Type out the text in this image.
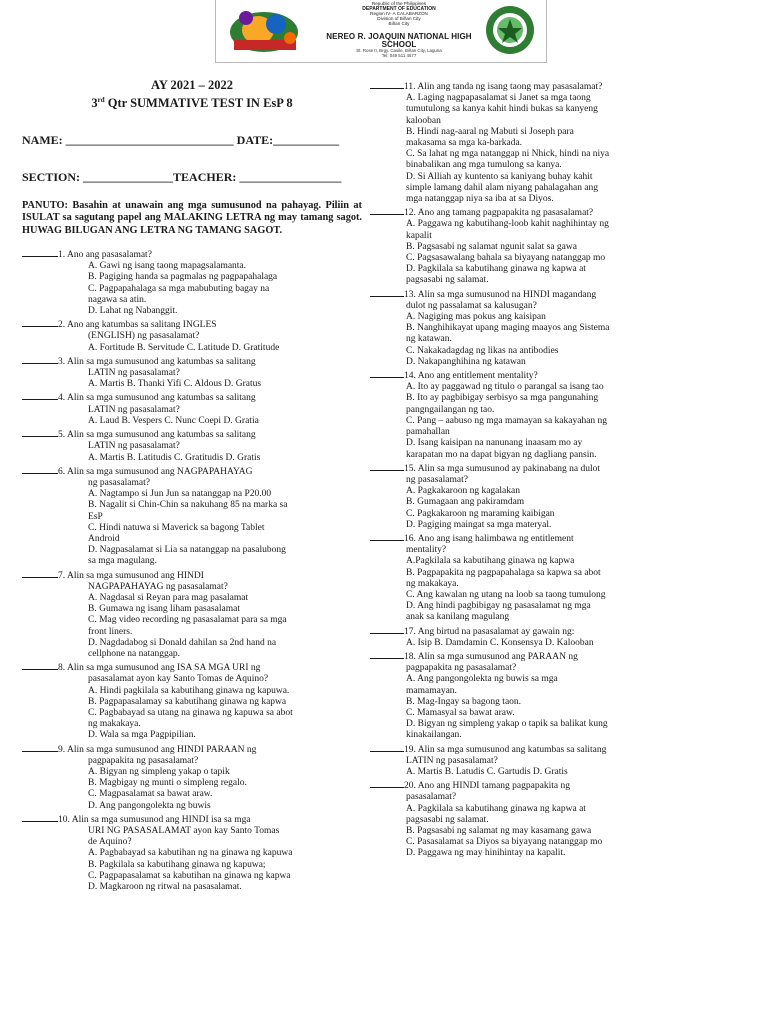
Republic of the Philippines
DEPARTMENT OF EDUCATION
Region IV- A CALABARZON
Division of Biñan City
Biñan City
NEREO R. JOAQUIN NATIONAL HIGH SCHOOL
St. Rose II, Brgy. Casile, Biñan City, Laguna
Tel: 049 511 4577
AY 2021 – 2022
3rd Qtr SUMMATIVE TEST IN EsP 8
NAME: ____________________________ DATE:___________
SECTION: _______________TEACHER: _________________
PANUTO: Basahin at unawain ang mga sumusunod na pahayag. Piliin at ISULAT sa sagutang papel ang MALAKING LETRA ng may tamang sagot. HUWAG BILUGAN ANG LETRA NG TAMANG SAGOT.
1. Ano ang pasasalamat?
A. Gawi ng isang taong mapagsalamanta.
B. Pagiging handa sa pagmalas ng pagpapahalaga
C. Pagpapahalaga sa mga mabubuting bagay na
nagawa sa atin.
D. Lahat ng Nabanggit.
2. Ano ang katumbas sa salitang INGLES
(ENGLISH) ng pasasalamat?
A. Fortitude B. Servitude C. Latitude D. Gratitude
3. Alin sa mga sumusunod ang katumbas sa salitang
LATIN ng pasasalamat?
A. Martis B. Thanki Yifi C. Aldous D. Gratus
4. Alin sa mga sumusunod ang katumbas sa salitang
LATIN ng pasasalamat?
A. Laud B. Vespers C. Nunc Coepi D. Gratia
5. Alin sa mga sumusunod ang katumbas sa salitang
LATIN ng pasasalamat?
A. Martis B. Latitudis C. Gratitudis D. Gratis
6. Alin sa mga sumusunod ang NAGPAPAHAYAG
ng pasasalamat?
A. Nagtampo si Jun Jun sa natanggap na P20.00
B. Nagalit si Chin-Chin sa nakuhang 85 na marka sa
EsP
C. Hindi natuwa si Maverick sa bagong Tablet
Android
D. Nagpasalamat si Lia sa natanggap na pasalubong
sa mga magulang.
7. Alin sa mga sumusunod ang HINDI
NAGPAPAHAYAG ng pasasalamat?
A. Nagdasal si Reyan para mag pasalamat
B. Gumawa ng isang liham pasasalamat
C. Mag video recording ng pasasalamat para sa mga
front liners.
D. Nagdadabog si Donald dahilan sa 2nd hand na
cellphone na natanggap.
8. Alin sa mga sumusunod ang ISA SA MGA URI ng
pasasalamat ayon kay Santo Tomas de Aquino?
A. Hindi pagkilala sa kabutihang ginawa ng kapuwa.
B. Pagpapasalamay sa kabutihang ginawa ng kapwa
C. Pagbabayad sa utang na ginawa ng kapuwa sa abot
ng makakaya.
D. Wala sa mga Pagpipilian.
9. Alin sa mga sumusunod ang HINDI PARAAN ng
pagpapakita ng pasasalamat?
A. Bigyan ng simpleng yakap o tapik
B. Magbigay ng munti o simpleng regalo.
C. Magpasalamat sa bawat araw.
D. Ang pangongolekta ng buwis
10. Alin sa mga sumusunod ang HINDI isa sa mga
URI NG PASASALAMAT ayon kay Santo Tomas
de Aquino?
A. Pagbabayad sa kabutihan ng na ginawa ng kapuwa
B. Pagkilala sa kabutihang ginawa ng kapuwa;
C. Pagpapasalamat sa kabutihan na ginawa ng kapwa
D. Magkaroon ng ritwal na pasasalamat.
11. Alin ang tanda ng isang taong may pasasalamat?
A. Laging nagpapasalamat si Janet sa mga taong
tumutulong sa kanya kahit hindi bukas sa kanyeng
kalooban
B. Hindi nag-aaral ng Mabuti si Joseph para
makasama sa mga ka-barkada.
C. Sa lahat ng mga natanggap ni Nhick, hindi na niya
binabalikan ang mga tumulong sa kanya.
D. Si Alliah ay kuntento sa kaniyang buhay kahit
simple lamang dahil alam niyang pahalagahan ang
mga natanggap niya sa iba at sa Diyos.
12. Ano ang tamang pagpapakita ng pasasalamat?
A. Paggawa ng kabutihang-loob kahit naghihintay ng
kapalit
B. Pagsasabi ng salamat ngunit salat sa gawa
C. Pagsasawalang bahala sa biyayang natanggap mo
D. Pagkilala sa kabutihang ginawa ng kapwa at
pagsasabi ng salamat.
13. Alin sa mga sumusunod na HINDI magandang
dulot ng passalamat sa kalusugan?
A. Nagiging mas pokus ang kaisipan
B. Nanghihikayat upang maging maayos ang Sistema
ng katawan.
C. Nakakadagdag ng likas na antibodies
D. Nakapanghihina ng katawan
14. Ano ang entitlement mentality?
A. Ito ay paggawad ng titulo o parangal sa isang tao
B. Ito ay pagbibigay serbisyo sa mga pangunahing
pangngailangan ng tao.
C. Pang – aabuso ng mga mamayan sa kakayahan ng
pamahallan
D. Isang kaisipan na nanunang inaasam mo ay
karapatan mo na dapat bigyan ng dagliang pansin.
15. Alin sa mga sumusunod ay pakinabang na dulot
ng pasasalamat?
A. Pagkakaroon ng kagalakan
B. Gumagaan ang pakiramdam
C. Pagkakaroon ng maraming kaibigan
D. Pagiging maingat sa mga materyal.
16. Ano ang isang halimbawa ng entitlement
mentality?
A.Pagkilala sa kabutihang ginawa ng kapwa
B. Pagpapakita ng pagpapahalaga sa kapwa sa abot
ng makakaya.
C. Ang kawalan ng utang na loob sa taong tumulong
D. Ang hindi pagbibigay ng pasasalamat ng mga
anak sa kanilang magulang
17. Ang birtud na pasasalamat ay gawain ng:
A. Isip B. Damdamin C. Konsensya D. Kalooban
18. Alin sa mga sumusunod ang PARAAN ng
pagpapakita ng pasasalamat?
A. Ang pangongolekta ng buwis sa mga
mamamayan.
B. Mag-Ingay sa bagong taon.
C. Mamasyal sa bawat araw.
D. Bigyan ng simpleng yakap o tapik sa balikat kung
kinakailangan.
19. Alin sa mga sumusunod ang katumbas sa salitang
LATIN ng pasasalamat?
A. Martis B. Latudis C. Gartudis D. Gratis
20. Ano ang HINDI tamang pagpapakita ng
pasasalamat?
A. Pagkilala sa kabutihang ginawa ng kapwa at
pagsasabi ng salamat.
B. Pagsasabi ng salamat ng may kasamang gawa
C. Pasasalamat sa Diyos sa biyayang natanggap mo
D. Paggawa ng may hinihintay na kapalit.
